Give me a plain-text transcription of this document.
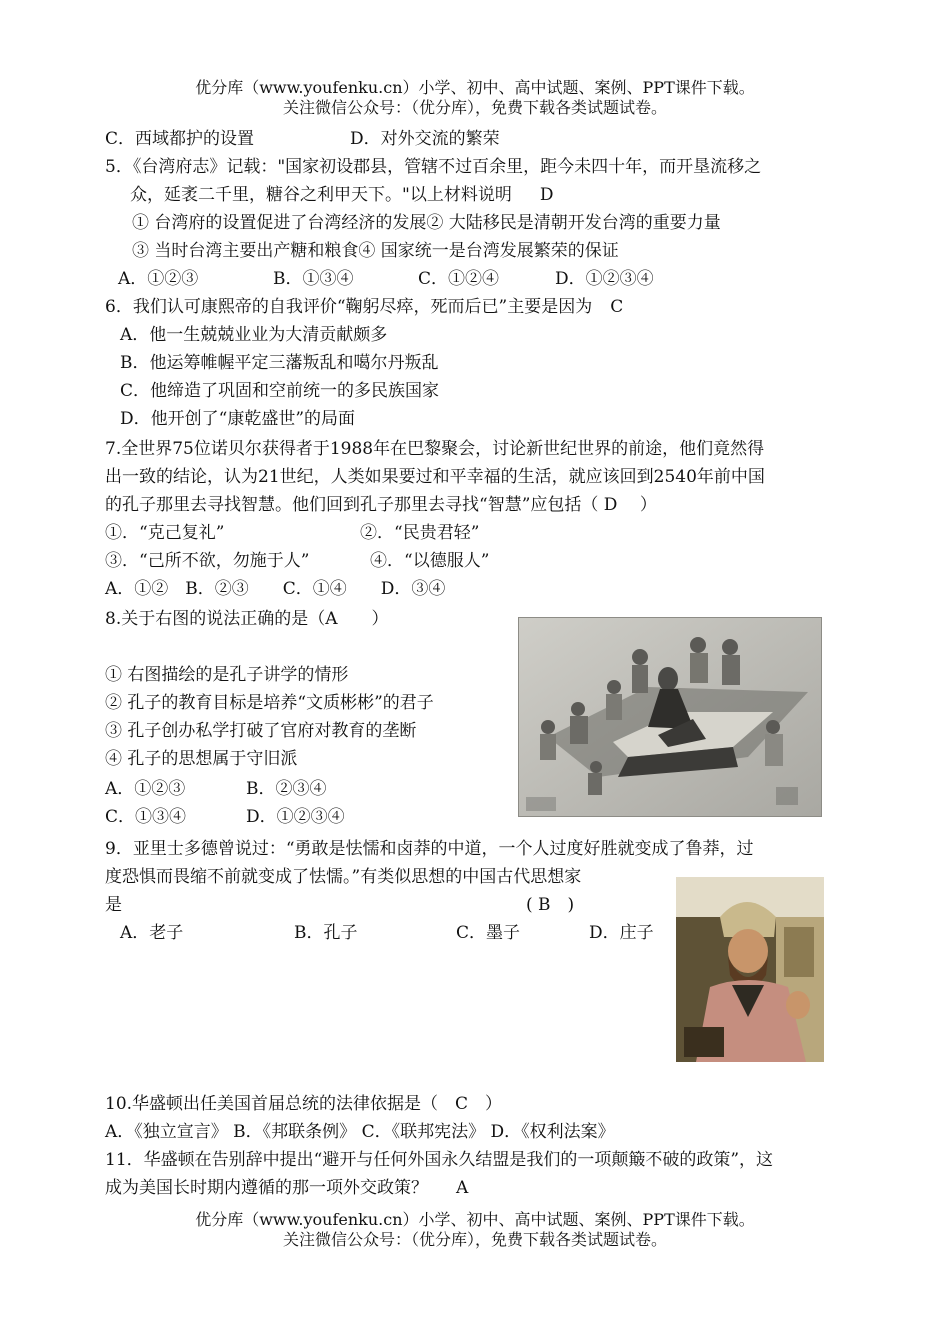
优分库（www.youfenku.cn）小学、初中、高中试题、案例、PPT课件下载。
关注微信公众号：（优分库），免费下载各类试题试卷。
C．西域都护的设置	D．对外交流的繁荣
5．《台湾府志》记载："国家初设郡县，管辖不过百余里，距今未四十年，而开垦流移之
众，延袤二千里，糖谷之利甲天下。"以上材料说明 D
① 台湾府的设置促进了台湾经济的发展② 大陆移民是清朝开发台湾的重要力量
③ 当时台湾主要出产糖和粮食④ 国家统一是台湾发展繁荣的保证
A．①②③	B．①③④	C．①②④	D．①②③④
6．我们认可康熙帝的自我评价“鞠躬尽瘁，死而后已”主要是因为 C
A．他一生兢兢业业为大清贡献颇多
B．他运筹帷幄平定三藩叛乱和噶尔丹叛乱
C．他缔造了巩固和空前统一的多民族国家
D．他开创了“康乾盛世”的局面
7.全世界75位诺贝尔获得者于1988年在巴黎聚会，讨论新世纪世界的前途，他们竟然得
出一致的结论，认为21世纪，人类如果要过和平幸福的生活，就应该回到2540年前中国
的孔子那里去寻找智慧。他们回到孔子那里去寻找“智慧”应包括（ D　 ）
①．“克己复礼”	②．“民贵君轻”
③．“己所不欲，勿施于人”	④．“以德服人”
A．①②　B．②③　　C．①④　　D．③④
8.关于右图的说法正确的是（A　　）
① 右图描绘的是孔子讲学的情形
② 孔子的教育目标是培养“文质彬彬”的君子
③ 孔子创办私学打破了官府对教育的垄断
④ 孔子的思想属于守旧派
A．①②③	B．②③④
C．①③④	D．①②③④
9．亚里士多德曾说过：“勇敢是怯懦和卤莽的中道，一个人过度好胜就变成了鲁莽，过
度恐惧而畏缩不前就变成了怯懦。”有类似思想的中国古代思想家
是	( B　)
A．老子	B．孔子	C．墨子	D．庄子
10.华盛顿出任美国首届总统的法律依据是（　C　）
A．《独立宣言》 B．《邦联条例》 C．《联邦宪法》 D．《权利法案》
11．华盛顿在告别辞中提出“避开与任何外国永久结盟是我们的一项颠簸不破的政策”，这
成为美国长时期内遵循的那一项外交政策？ A
优分库（www.youfenku.cn）小学、初中、高中试题、案例、PPT课件下载。
关注微信公众号：（优分库），免费下载各类试题试卷。
